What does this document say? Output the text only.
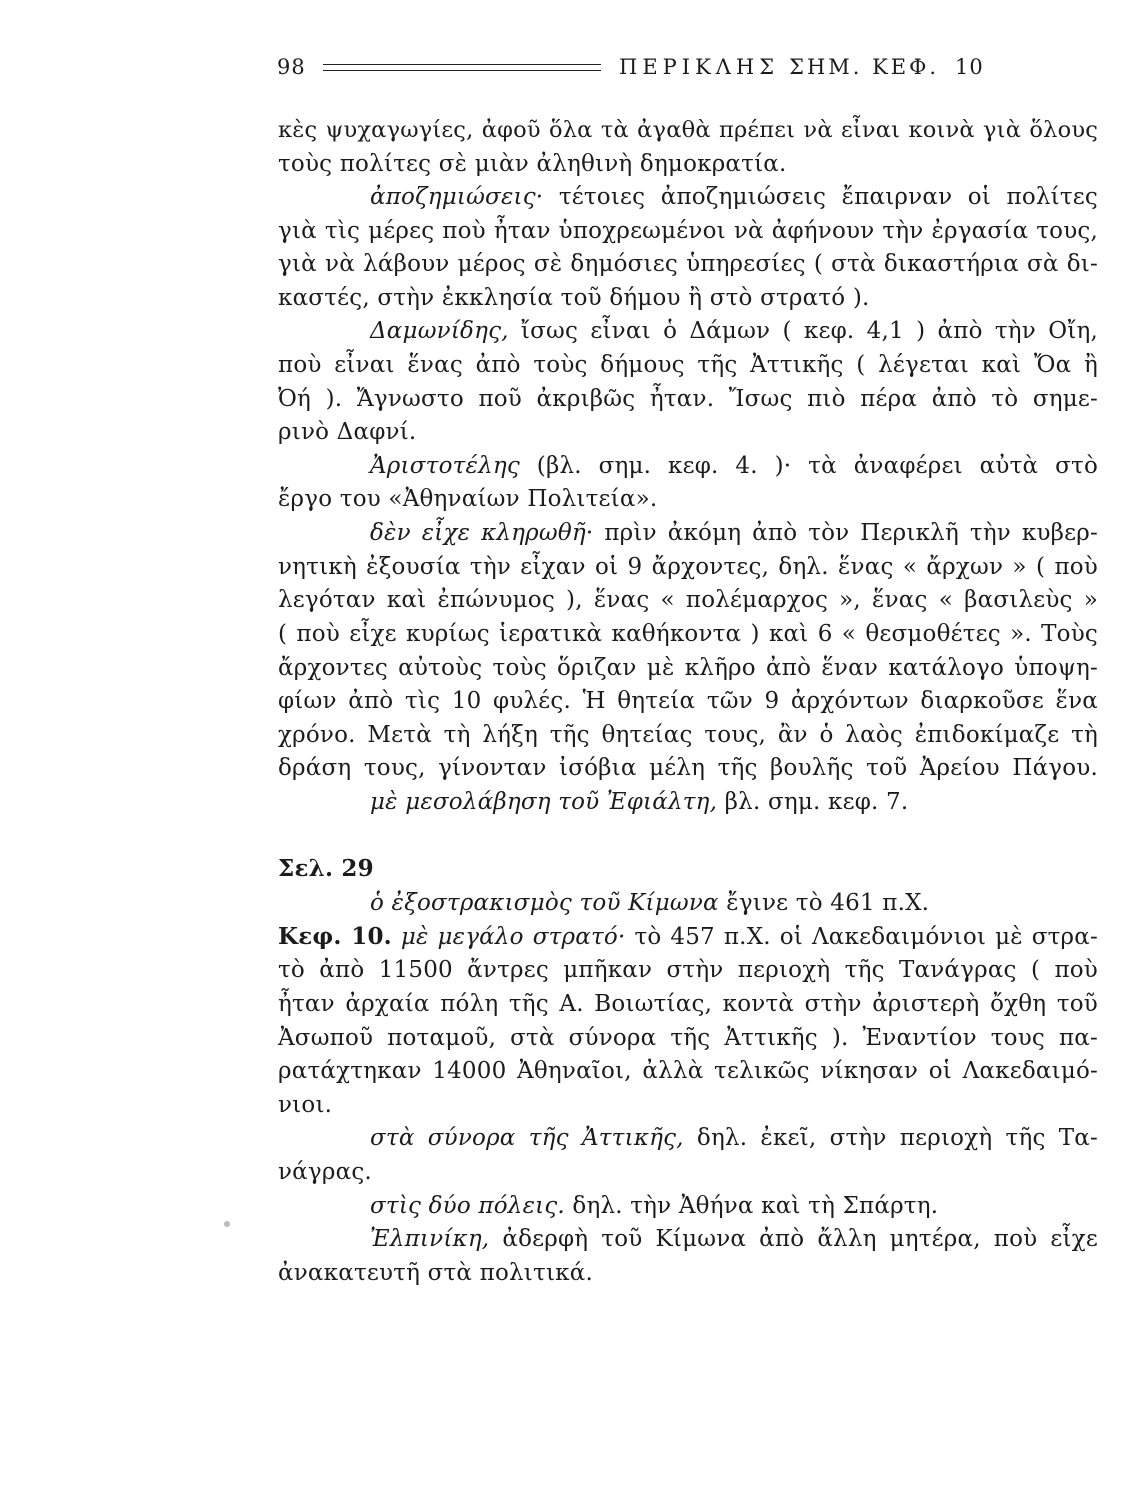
98	ΠΕΡΙΚΛΗΣ ΣΗΜ. ΚΕΦ. 10
κὲς ψυχαγωγίες, ἀφοῦ ὅλα τὰ ἀγαθὰ πρέπει νὰ εἶναι κοινὰ γιὰ ὅλους
τοὺς πολίτες σὲ μιὰν ἀληθινὴ δημοκρατία.
ἀποζημιώσεις· τέτοιες ἀποζημιώσεις ἔπαιρναν οἱ πολίτες
γιὰ τὶς μέρες ποὺ ἦταν ὑποχρεωμένοι νὰ ἀφήνουν τὴν ἐργασία τους,
γιὰ νὰ λάβουν μέρος σὲ δημόσιες ὑπηρεσίες ( στὰ δικαστήρια σὰ δι-
καστές, στὴν ἐκκλησία τοῦ δήμου ἢ στὸ στρατό ).
Δαμωνίδης, ἴσως εἶναι ὁ Δάμων ( κεφ. 4,1 ) ἀπὸ τὴν Οἴη,
ποὺ εἶναι ἕνας ἀπὸ τοὺς δήμους τῆς Ἀττικῆς ( λέγεται καὶ Ὄα ἢ
Ὀή ). Ἄγνωστο ποῦ ἀκριβῶς ἦταν. Ἴσως πιὸ πέρα ἀπὸ τὸ σημε-
ρινὸ Δαφνί.
Ἀριστοτέλης (βλ. σημ. κεφ. 4. )· τὰ ἀναφέρει αὐτὰ στὸ
ἔργο του «Ἀθηναίων Πολιτεία».
δὲν εἶχε κληρωθῆ· πρὶν ἀκόμη ἀπὸ τὸν Περικλῆ τὴν κυβερ-
νητικὴ ἐξουσία τὴν εἶχαν οἱ 9 ἄρχοντες, δηλ. ἕνας « ἄρχων » ( ποὺ
λεγόταν καὶ ἐπώνυμος ), ἕνας « πολέμαρχος », ἕνας « βασιλεὺς »
( ποὺ εἶχε κυρίως ἱερατικὰ καθήκοντα ) καὶ 6 « θεσμοθέτες ». Τοὺς
ἄρχοντες αὐτοὺς τοὺς ὅριζαν μὲ κλῆρο ἀπὸ ἕναν κατάλογο ὑποψη-
φίων ἀπὸ τὶς 10 φυλές. Ἡ θητεία τῶν 9 ἀρχόντων διαρκοῦσε ἕνα
χρόνο. Μετὰ τὴ λήξη τῆς θητείας τους, ἂν ὁ λαὸς ἐπιδοκίμαζε τὴ
δράση τους, γίνονταν ἰσόβια μέλη τῆς βουλῆς τοῦ Ἀρείου Πάγου.
μὲ μεσολάβηση τοῦ Ἐφιάλτη, βλ. σημ. κεφ. 7.
Σελ. 29
ὁ ἐξοστρακισμὸς τοῦ Κίμωνα ἔγινε τὸ 461 π.Χ.
Κεφ. 10. μὲ μεγάλο στρατό· τὸ 457 π.Χ. οἱ Λακεδαιμόνιοι μὲ στρα-
τὸ ἀπὸ 11500 ἄντρες μπῆκαν στὴν περιοχὴ τῆς Τανάγρας ( ποὺ
ἦταν ἀρχαία πόλη τῆς Α. Βοιωτίας, κοντὰ στὴν ἀριστερὴ ὄχθη τοῦ
Ἀσωποῦ ποταμοῦ, στὰ σύνορα τῆς Ἀττικῆς ). Ἐναντίον τους πα-
ρατάχτηκαν 14000 Ἀθηναῖοι, ἀλλὰ τελικῶς νίκησαν οἱ Λακεδαιμό-
νιοι.
στὰ σύνορα τῆς Ἀττικῆς, δηλ. ἐκεῖ, στὴν περιοχὴ τῆς Τα-
νάγρας.
στὶς δύο πόλεις. δηλ. τὴν Ἀθήνα καὶ τὴ Σπάρτη.
Ἐλπινίκη, ἀδερφὴ τοῦ Κίμωνα ἀπὸ ἄλλη μητέρα, ποὺ εἶχε
ἀνακατευτῆ στὰ πολιτικά.
